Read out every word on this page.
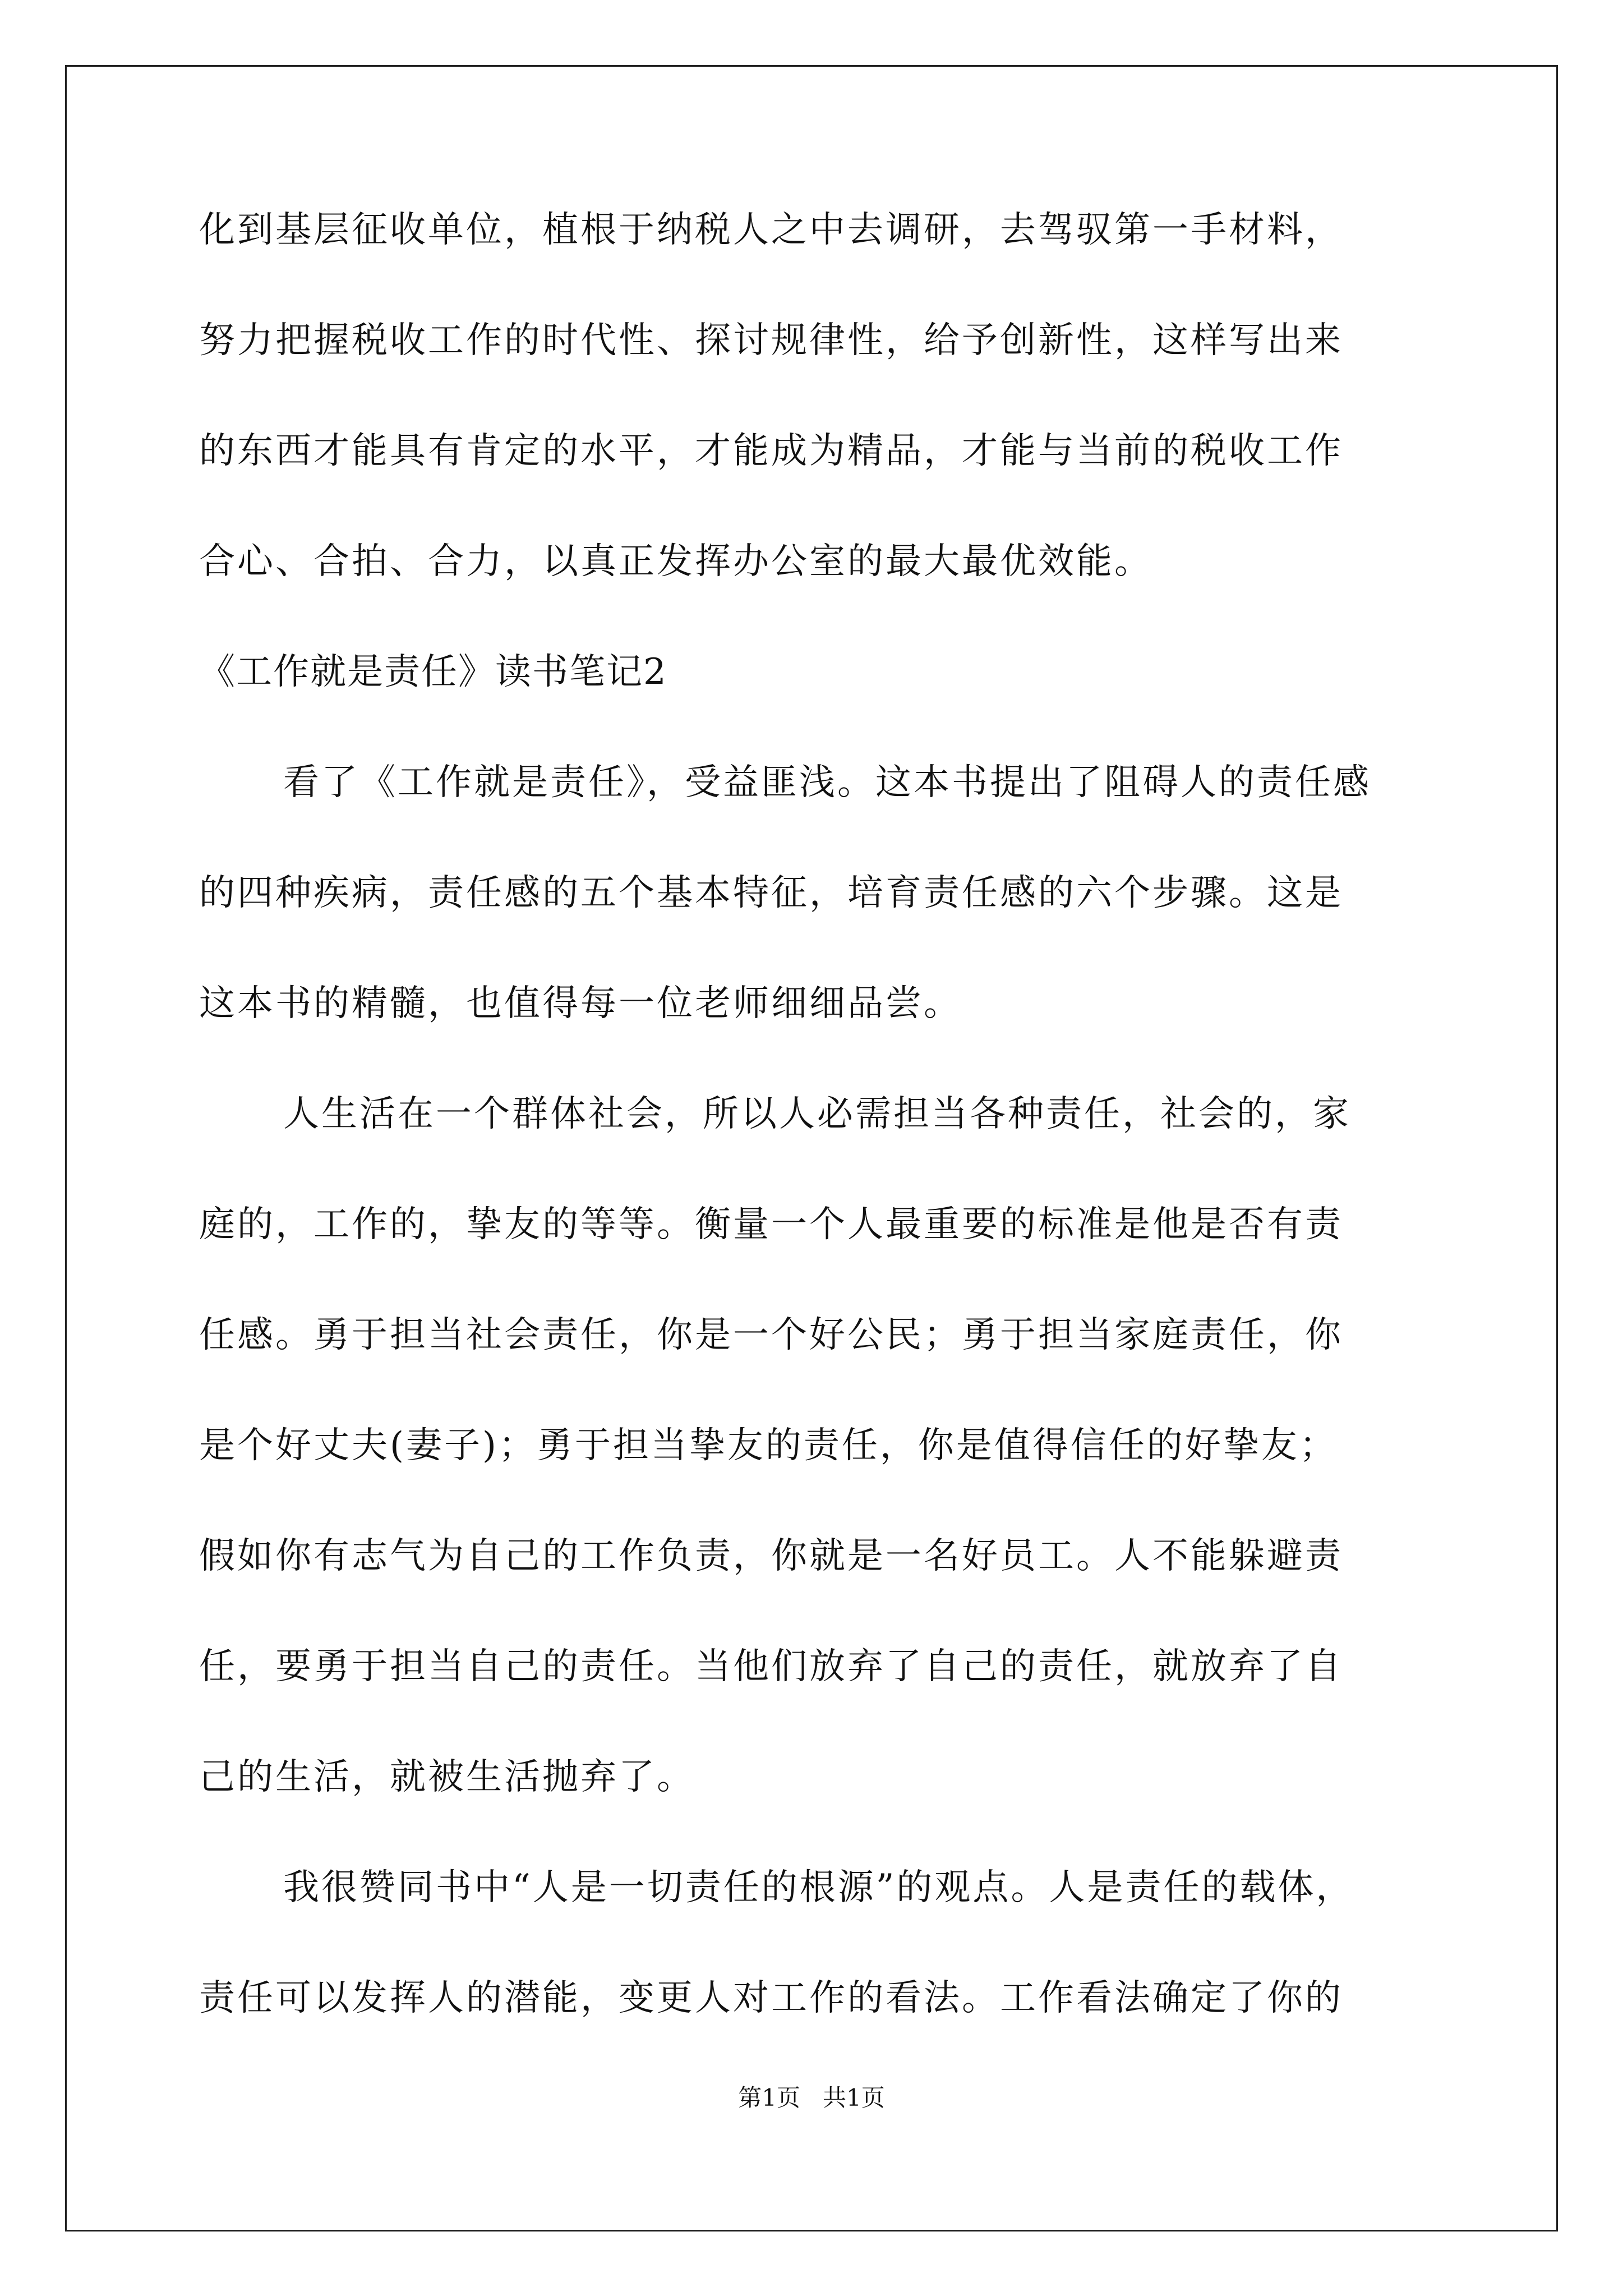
化到基层征收单位，植根于纳税人之中去调研，去驾驭第一手材料，
努力把握税收工作的时代性、探讨规律性，给予创新性，这样写出来
的东西才能具有肯定的水平，才能成为精品，才能与当前的税收工作
合心、合拍、合力，以真正发挥办公室的最大最优效能。
《工作就是责任》读书笔记2
看了《工作就是责任》，受益匪浅。这本书提出了阻碍人的责任感
的四种疾病，责任感的五个基本特征，培育责任感的六个步骤。这是
这本书的精髓，也值得每一位老师细细品尝。
人生活在一个群体社会，所以人必需担当各种责任，社会的，家
庭的，工作的，挚友的等等。衡量一个人最重要的标准是他是否有责
任感。勇于担当社会责任，你是一个好公民；勇于担当家庭责任，你
是个好丈夫(妻子)；勇于担当挚友的责任，你是值得信任的好挚友；
假如你有志气为自己的工作负责，你就是一名好员工。人不能躲避责
任，要勇于担当自己的责任。当他们放弃了自己的责任，就放弃了自
己的生活，就被生活抛弃了。
我很赞同书中“人是一切责任的根源”的观点。人是责任的载体，
责任可以发挥人的潜能，变更人对工作的看法。工作看法确定了你的
第1页 共1页
